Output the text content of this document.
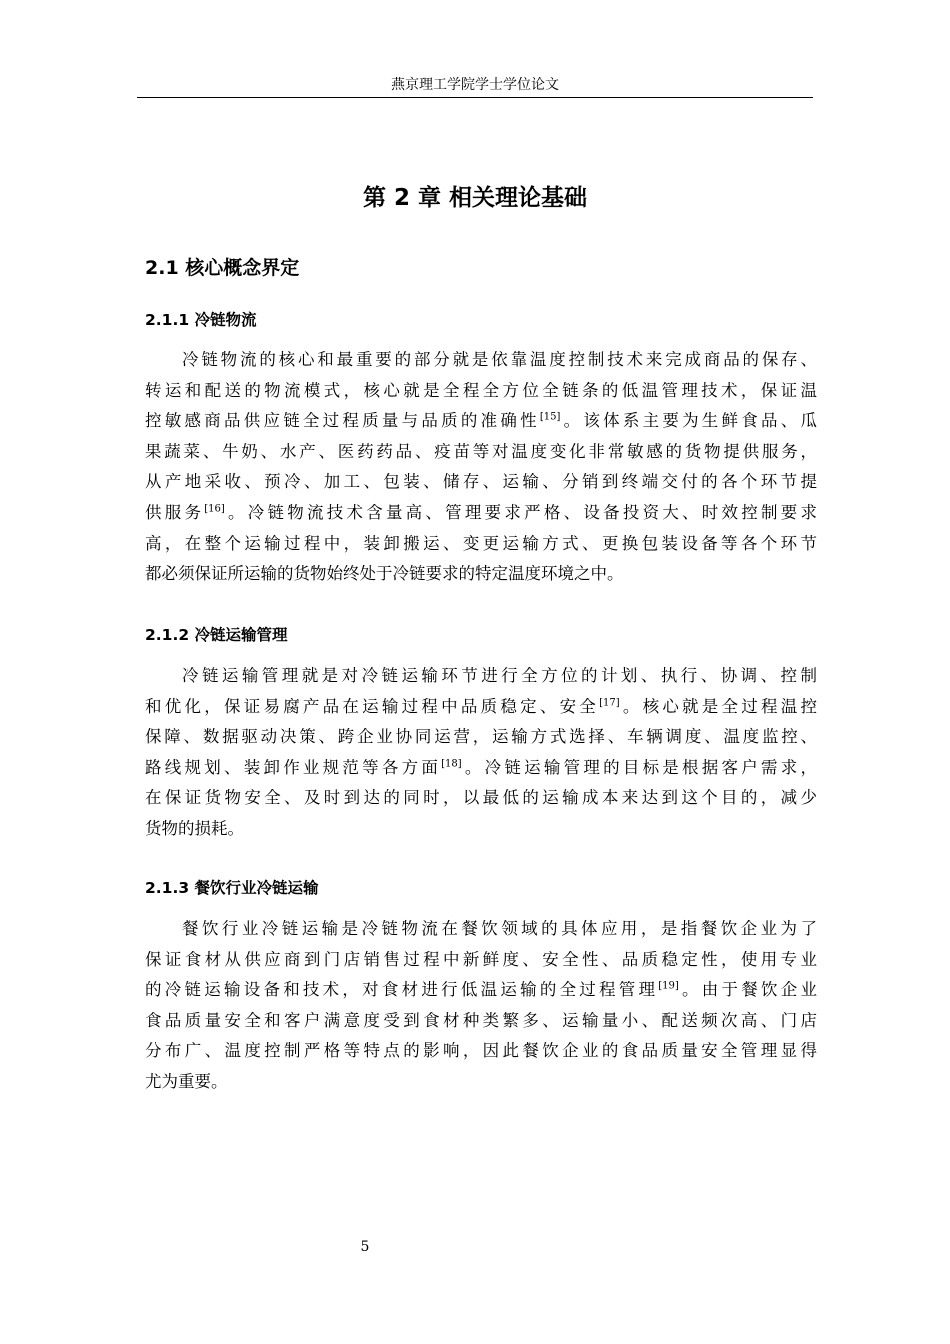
燕京理工学院学士学位论文
第 2 章 相关理论基础
2.1 核心概念界定
2.1.1 冷链物流
冷链物流的核心和最重要的部分就是依靠温度控制技术来完成商品的保存、
转运和配送的物流模式，核心就是全程全方位全链条的低温管理技术，保证温
控敏感商品供应链全过程质量与品质的准确性[15]。该体系主要为生鲜食品、瓜
果蔬菜、牛奶、水产、医药药品、疫苗等对温度变化非常敏感的货物提供服务，
从产地采收、预冷、加工、包装、储存、运输、分销到终端交付的各个环节提
供服务[16]。冷链物流技术含量高、管理要求严格、设备投资大、时效控制要求
高，在整个运输过程中，装卸搬运、变更运输方式、更换包装设备等各个环节
都必须保证所运输的货物始终处于冷链要求的特定温度环境之中。
2.1.2 冷链运输管理
冷链运输管理就是对冷链运输环节进行全方位的计划、执行、协调、控制
和优化，保证易腐产品在运输过程中品质稳定、安全[17]。核心就是全过程温控
保障、数据驱动决策、跨企业协同运营，运输方式选择、车辆调度、温度监控、
路线规划、装卸作业规范等各方面[18]。冷链运输管理的目标是根据客户需求，
在保证货物安全、及时到达的同时，以最低的运输成本来达到这个目的，减少
货物的损耗。
2.1.3 餐饮行业冷链运输
餐饮行业冷链运输是冷链物流在餐饮领域的具体应用，是指餐饮企业为了
保证食材从供应商到门店销售过程中新鲜度、安全性、品质稳定性，使用专业
的冷链运输设备和技术，对食材进行低温运输的全过程管理[19]。由于餐饮企业
食品质量安全和客户满意度受到食材种类繁多、运输量小、配送频次高、门店
分布广、温度控制严格等特点的影响，因此餐饮企业的食品质量安全管理显得
尤为重要。
5
